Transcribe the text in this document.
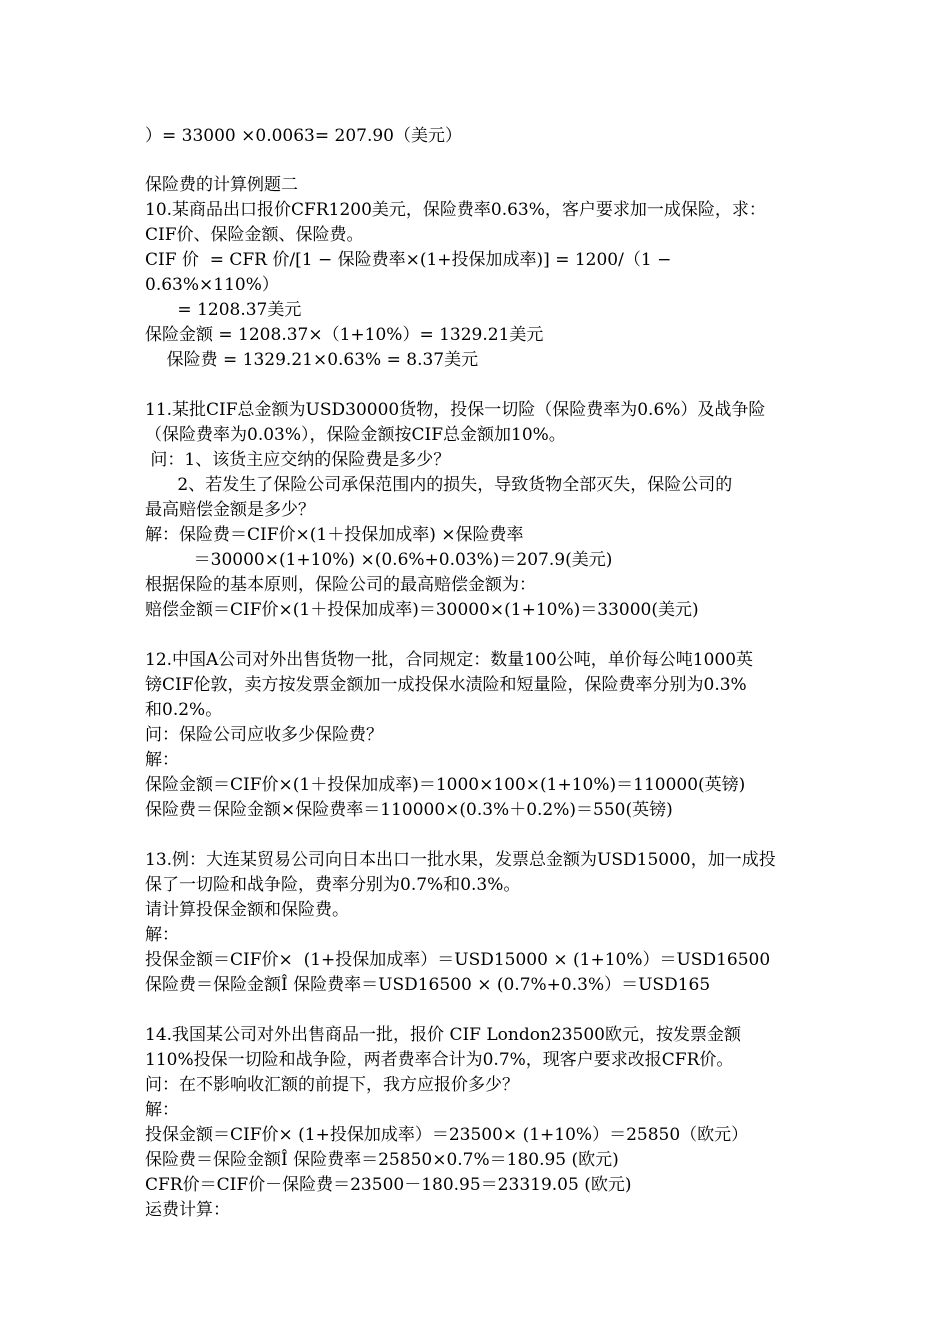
）= 33000 ×0.0063= 207.90（美元）
保险费的计算例题二
10.某商品出口报价CFR1200美元，保险费率0.63%，客户要求加一成保险，求：
CIF价、保险金额、保险费。
CIF 价  = CFR 价/[1 − 保险费率×(1+投保加成率)] = 1200/（1 −
0.63%×110%）
= 1208.37美元
保险金额 = 1208.37×（1+10%）= 1329.21美元
保险费 = 1329.21×0.63% = 8.37美元
11.某批CIF总金额为USD30000货物，投保一切险（保险费率为0.6%）及战争险
（保险费率为0.03%），保险金额按CIF总金额加10%。
问：1、该货主应交纳的保险费是多少？
2、若发生了保险公司承保范围内的损失，导致货物全部灭失，保险公司的
最高赔偿金额是多少？
解：保险费＝CIF价×(1＋投保加成率) ×保险费率
＝30000×(1+10%) ×(0.6%+0.03%)＝207.9(美元)
根据保险的基本原则，保险公司的最高赔偿金额为：
赔偿金额＝CIF价×(1＋投保加成率)＝30000×(1+10%)＝33000(美元)
12.中国A公司对外出售货物一批，合同规定：数量100公吨，单价每公吨1000英
镑CIF伦敦，卖方按发票金额加一成投保水渍险和短量险，保险费率分别为0.3%
和0.2%。
问：保险公司应收多少保险费？
解：
保险金额＝CIF价×(1＋投保加成率)＝1000×100×(1+10%)＝110000(英镑)
保险费＝保险金额×保险费率＝110000×(0.3%＋0.2%)＝550(英镑)
13.例：大连某贸易公司向日本出口一批水果，发票总金额为USD15000，加一成投
保了一切险和战争险，费率分别为0.7%和0.3%。
请计算投保金额和保险费。
解：
投保金额＝CIF价×  (1+投保加成率）＝USD15000 × (1+10%）＝USD16500
保险费＝保险金额Î 保险费率＝USD16500 × (0.7%+0.3%）＝USD165
14.我国某公司对外出售商品一批，报价 CIF London23500欧元，按发票金额
110%投保一切险和战争险，两者费率合计为0.7%，现客户要求改报CFR价。
问：在不影响收汇额的前提下，我方应报价多少？
解：
投保金额＝CIF价× (1+投保加成率）＝23500× (1+10%）＝25850（欧元）
保险费＝保险金额Î 保险费率＝25850×0.7%＝180.95 (欧元)
CFR价＝CIF价－保险费＝23500－180.95＝23319.05 (欧元)
运费计算：
